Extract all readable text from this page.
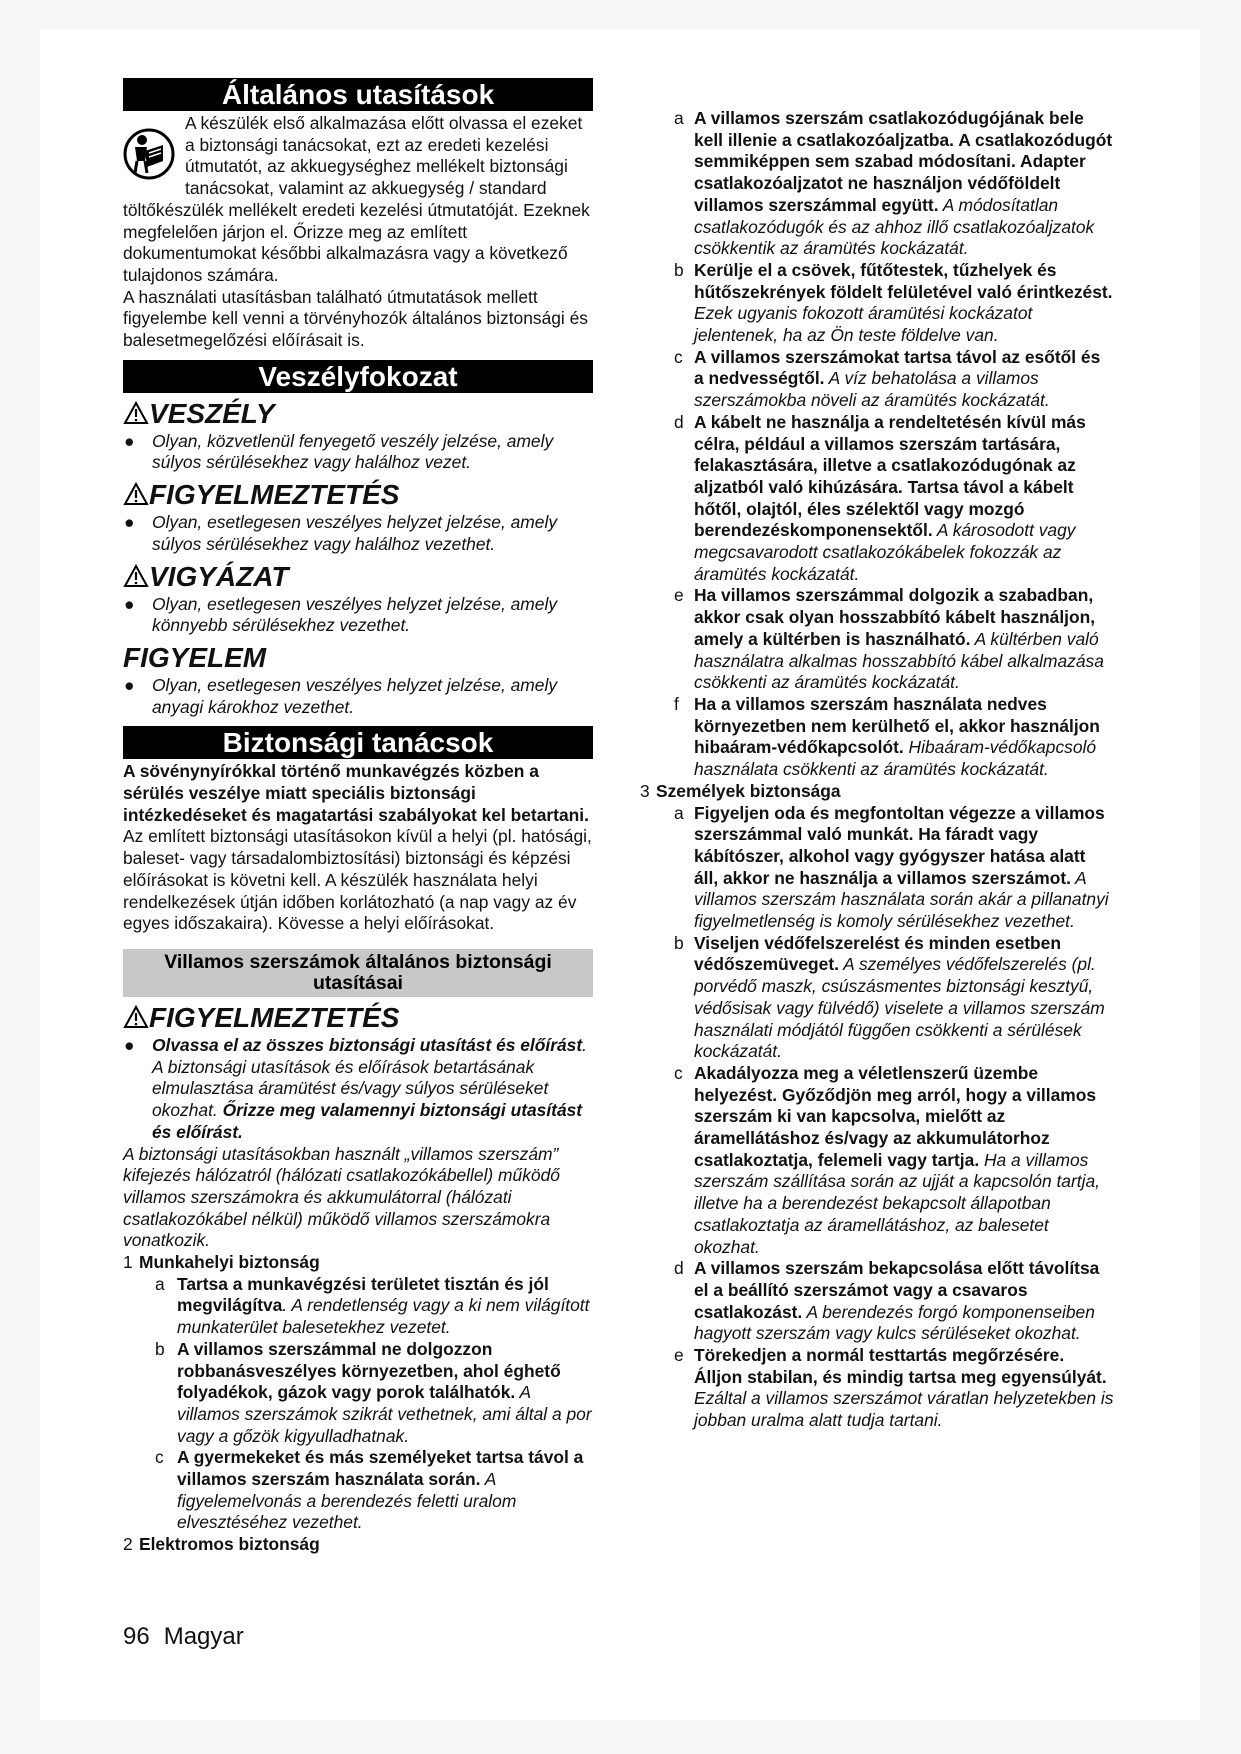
Általános utasítások

A készülék első alkalmazása előtt olvassa el ezeket a biztonsági tanácsokat, ezt az eredeti kezelési útmutatót, az akkuegységhez mellékelt biztonsági tanácsokat, valamint az akkuegység / standard töltőkészülék mellékelt eredeti kezelési útmutatóját. Ezeknek megfelelően járjon el. Őrizze meg az említett dokumentumokat későbbi alkalmazásra vagy a következő tulajdonos számára.

A használati utasításban található útmutatások mellett figyelembe kell venni a törvényhozók általános biztonsági és balesetmegelőzési előírásait is.

Veszélyfokozat
VESZÉLY
● Olyan, közvetlenül fenyegető veszély jelzése, amely súlyos sérülésekhez vagy halálhoz vezet.
FIGYELMEZTETÉS
● Olyan, esetlegesen veszélyes helyzet jelzése, amely súlyos sérülésekhez vagy halálhoz vezethet.
VIGYÁZAT
● Olyan, esetlegesen veszélyes helyzet jelzése, amely könnyebb sérülésekhez vezethet.
FIGYELEM
● Olyan, esetlegesen veszélyes helyzet jelzése, amely anyagi károkhoz vezethet.
Biztonsági tanácsok

A sövénynyírókkal történő munkavégzés közben a sérülés veszélye miatt speciális biztonsági intézkedéseket és magatartási szabályokat kel betartani.

Az említett biztonsági utasításokon kívül a helyi (pl. hatósági, baleset- vagy társadalombiztosítási) biztonsági és képzési előírásokat is követni kell. A készülék használata helyi rendelkezések útján időben korlátozható (a nap vagy az év egyes időszakaira). Kövesse a helyi előírásokat.

Villamos szerszámok általános biztonsági utasításai
FIGYELMEZTETÉS
● Olvassa el az összes biztonsági utasítást és előírást.
A biztonsági utasítások és előírások betartásának elmulasztása áramütést és/vagy súlyos sérüléseket okozhat. Őrizze meg valamennyi biztonsági utasítást és előírást.

A biztonsági utasításokban használt „villamos szerszám” kifejezés hálózatról (hálózati csatlakozókábellel) működő villamos szerszámokra és akkumulátorral (hálózati csatlakozókábel nélkül) működő villamos szerszámokra vonatkozik.

1 Munkahelyi biztonság
a Tartsa a munkavégzési területet tisztán és jól megvilágítva. A rendetlenség vagy a ki nem világított munkaterület balesetekhez vezetet.
b A villamos szerszámmal ne dolgozzon robbanásveszélyes környezetben, ahol éghető folyadékok, gázok vagy porok találhatók. A villamos szerszámok szikrát vethetnek, ami által a por vagy a gőzök kigyulladhatnak.
c A gyermekeket és más személyeket tartsa távol a villamos szerszám használata során. A figyelemelvonás a berendezés feletti uralom elvesztéséhez vezethet.
2 Elektromos biztonság
a A villamos szerszám csatlakozódugójának bele kell illenie a csatlakozóaljzatba. A csatlakozódugót semmiképpen sem szabad módosítani. Adapter csatlakozóaljzatot ne használjon védőföldelt villamos szerszámmal együtt. A módosítatlan csatlakozódugók és az ahhoz illő csatlakozóaljzatok csökkentik az áramütés kockázatát.
b Kerülje el a csövek, fűtőtestek, tűzhelyek és hűtőszekrények földelt felületével való érintkezést. Ezek ugyanis fokozott áramütési kockázatot jelentenek, ha az Ön teste földelve van.
c A villamos szerszámokat tartsa távol az esőtől és a nedvességtől. A víz behatolása a villamos szerszámokba növeli az áramütés kockázatát.
d A kábelt ne használja a rendeltetésén kívül más célra, például a villamos szerszám tartására, felakasztására, illetve a csatlakozódugónak az aljzatból való kihúzására. Tartsa távol a kábelt hőtől, olajtól, éles szélektől vagy mozgó berendezéskomponensektől. A károsodott vagy megcsavarodott csatlakozókábelek fokozzák az áramütés kockázatát.
e Ha villamos szerszámmal dolgozik a szabadban, akkor csak olyan hosszabbító kábelt használjon, amely a kültérben is használható. A kültérben való használatra alkalmas hosszabbító kábel alkalmazása csökkenti az áramütés kockázatát.
f Ha a villamos szerszám használata nedves környezetben nem kerülhető el, akkor használjon hibaáram-védőkapcsolót. Hibaáram-védőkapcsoló használata csökkenti az áramütés kockázatát.
3 Személyek biztonsága
a Figyeljen oda és megfontoltan végezze a villamos szerszámmal való munkát. Ha fáradt vagy kábítószer, alkohol vagy gyógyszer hatása alatt áll, akkor ne használja a villamos szerszámot. A villamos szerszám használata során akár a pillanatnyi figyelmetlenség is komoly sérülésekhez vezethet.
b Viseljen védőfelszerelést és minden esetben védőszemüveget. A személyes védőfelszerelés (pl. porvédő maszk, csúszásmentes biztonsági kesztyű, védősisak vagy fülvédő) viselete a villamos szerszám használati módjától függően csökkenti a sérülések kockázatát.
c Akadályozza meg a véletlenszerű üzembe helyezést. Győződjön meg arról, hogy a villamos szerszám ki van kapcsolva, mielőtt az áramellátáshoz és/vagy az akkumulátorhoz csatlakoztatja, felemeli vagy tartja. Ha a villamos szerszám szállítása során az ujját a kapcsolón tartja, illetve ha a berendezést bekapcsolt állapotban csatlakoztatja az áramellátáshoz, az balesetet okozhat.
d A villamos szerszám bekapcsolása előtt távolítsa el a beállító szerszámot vagy a csavaros csatlakozást. A berendezés forgó komponenseiben hagyott szerszám vagy kulcs sérüléseket okozhat.
e Törekedjen a normál testtartás megőrzésére. Álljon stabilan, és mindig tartsa meg egyensúlyát. Ezáltal a villamos szerszámot váratlan helyzetekben is jobban uralma alatt tudja tartani.
96 Magyar
